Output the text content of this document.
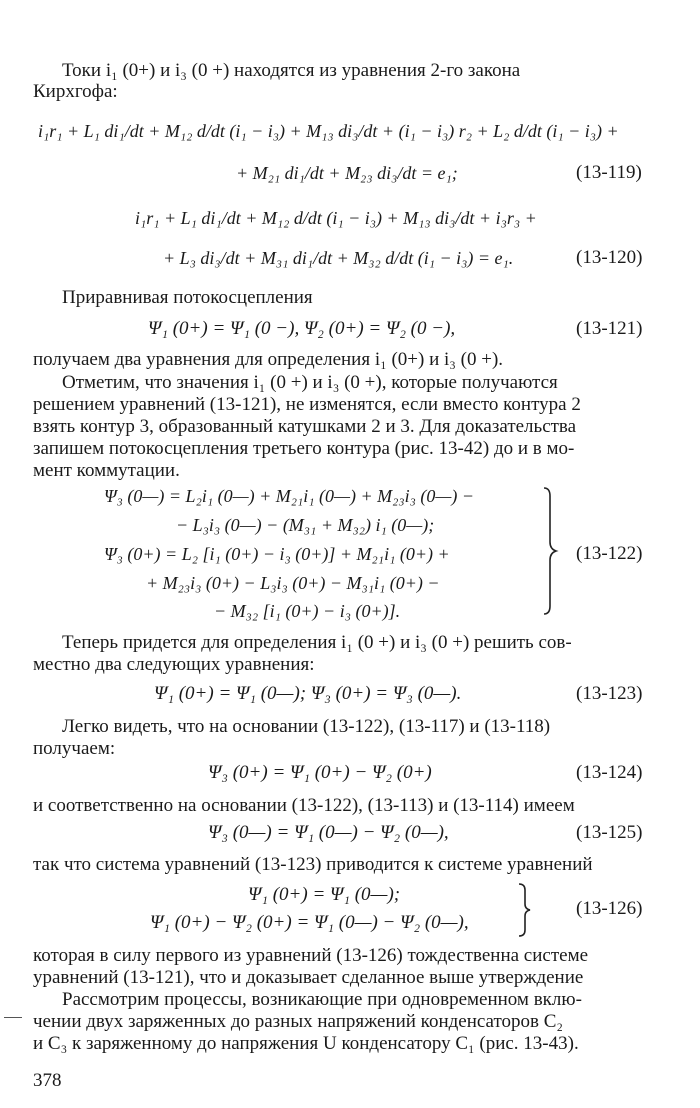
Токи i₁ (0+) и i₃ (0 +) находятся из уравнения 2-го закона
Кирхгофа:
i₁r₁ + L₁ di₁/dt + M₁₂ d/dt (i₁ − i₃) + M₁₃ di₃/dt + (i₁ − i₃) r₂ + L₂ d/dt (i₁ − i₃) +
+ M₂₁ di₁/dt + M₂₃ di₃/dt = e₁;	(13-119)
i₁r₁ + L₁ di₁/dt + M₁₂ d/dt (i₁ − i₃) + M₁₃ di₃/dt + i₃r₃ +
+ L₃ di₃/dt + M₃₁ di₁/dt + M₃₂ d/dt (i₁ − i₃) = e₁.	(13-120)
Приравнивая потокосцепления
Ψ₁ (0+) = Ψ₁ (0 −), Ψ₂ (0+) = Ψ₂ (0 −),	(13-121)
получаем два уравнения для определения i₁ (0+) и i₃ (0 +).
Отметим, что значения i₁ (0 +) и i₃ (0 +), которые получаются
решением уравнений (13-121), не изменятся, если вместо контура 2
взять контур 3, образованный катушками 2 и 3. Для доказательства
запишем потокосцепления третьего контура (рис. 13-42) до и в мо-
мент коммутации.
Ψ₃ (0—) = L₂i₁ (0—) + M₂₁i₁ (0—) + M₂₃i₃ (0—) −
− L₃i₃ (0—) − (M₃₁ + M₃₂) i₁ (0—);
Ψ₃ (0+) = L₂ [i₁ (0+) − i₃ (0+)] + M₂₁i₁ (0+) +
+ M₂₃i₃ (0+) − L₃i₃ (0+) − M₃₁i₁ (0+) −
− M₃₂ [i₁ (0+) − i₃ (0+)].
(13-122)
Теперь придется для определения i₁ (0 +) и i₃ (0 +) решить сов-
местно два следующих уравнения:
Ψ₁ (0+) = Ψ₁ (0—); Ψ₃ (0+) = Ψ₃ (0—).	(13-123)
Легко видеть, что на основании (13-122), (13-117) и (13-118)
получаем:
Ψ₃ (0+) = Ψ₁ (0+) − Ψ₂ (0+)	(13-124)
и соответственно на основании (13-122), (13-113) и (13-114) имеем
Ψ₃ (0—) = Ψ₁ (0—) − Ψ₂ (0—),	(13-125)
так что система уравнений (13-123) приводится к системе уравнений
Ψ₁ (0+) = Ψ₁ (0—);
Ψ₁ (0+) − Ψ₂ (0+) = Ψ₁ (0—) − Ψ₂ (0—),
(13-126)
которая в силу первого из уравнений (13-126) тождественна системе
уравнений (13-121), что и доказывает сделанное выше утверждение
Рассмотрим процессы, возникающие при одновременном вклю-
чении двух заряженных до разных напряжений конденсаторов C₂
и C₃ к заряженному до напряжения U конденсатору C₁ (рис. 13-43).
378
